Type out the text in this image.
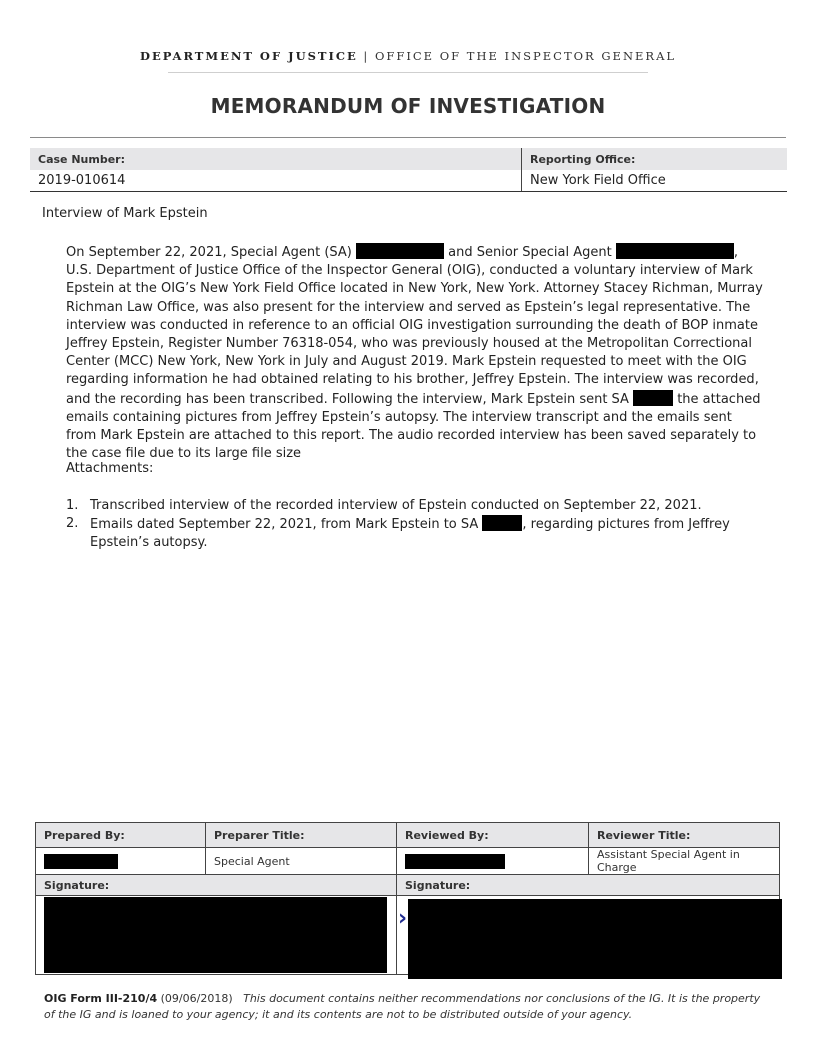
DEPARTMENT OF JUSTICE | OFFICE OF THE INSPECTOR GENERAL
MEMORANDUM OF INVESTIGATION
Case Number:	Reporting Office:
2019-010614	New York Field Office
Interview of Mark Epstein

On September 22, 2021, Special Agent (SA)	and Senior Special Agent	, U.S. Department of Justice Office of the Inspector General (OIG), conducted a voluntary interview of Mark Epstein at the OIG’s New York Field Office located in New York, New York. Attorney Stacey Richman, Murray Richman Law Office, was also present for the interview and served as Epstein’s legal representative. The interview was conducted in reference to an official OIG investigation surrounding the death of BOP inmate Jeffrey Epstein, Register Number 76318-054, who was previously housed at the Metropolitan Correctional Center (MCC) New York, New York in July and August 2019. Mark Epstein requested to meet with the OIG regarding information he had obtained relating to his brother, Jeffrey Epstein. The interview was recorded, and the recording has been transcribed. Following the interview, Mark Epstein sent SA	the attached emails containing pictures from Jeffrey Epstein’s autopsy. The interview transcript and the emails sent from Mark Epstein are attached to this report. The audio recorded interview has been saved separately to the case file due to its large file size

Attachments:
1. Transcribed interview of the recorded interview of Epstein conducted on September 22, 2021.
2. Emails dated September 22, 2021, from Mark Epstein to SA	, regarding pictures from Jeffrey Epstein’s autopsy.
Prepared By:	Preparer Title:	Reviewed By:	Reviewer Title:
	Special Agent		Assistant Special Agent in Charge
Signature:		Signature:	

›
OIG Form III-210/4 (09/06/2018) This document contains neither recommendations nor conclusions of the IG. It is the property of the IG and is loaned to your agency; it and its contents are not to be distributed outside of your agency.
